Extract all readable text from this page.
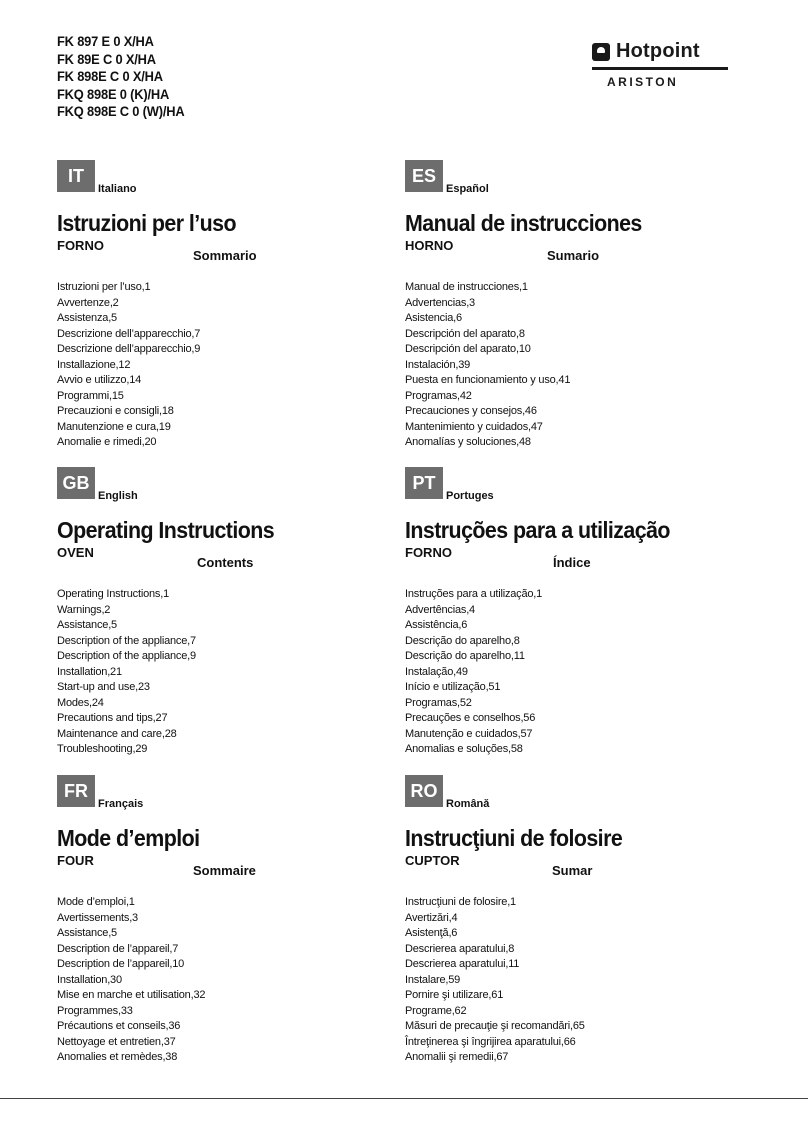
FK 897 E 0 X/HA
FK 89E C 0 X/HA
FK 898E C 0 X/HA
FKQ 898E 0 (K)/HA
FKQ 898E C 0 (W)/HA
Hotpoint
ARISTON
IT
Italiano
Istruzioni per l’uso
FORNO
Sommario
Istruzioni per l’uso,1
Avvertenze,2
Assistenza,5
Descrizione dell’apparecchio,7
Descrizione dell’apparecchio,9
Installazione,12
Avvio e utilizzo,14
Programmi,15
Precauzioni e consigli,18
Manutenzione e cura,19
Anomalie e rimedi,20
ES
Español
Manual de instrucciones
HORNO
Sumario
Manual de instrucciones,1
Advertencias,3
Asistencia,6
Descripción del aparato,8
Descripción del aparato,10
Instalación,39
Puesta en funcionamiento y uso,41
Programas,42
Precauciones y consejos,46
Mantenimiento y cuidados,47
Anomalías y soluciones,48
GB
English
Operating Instructions
OVEN
Contents
Operating Instructions,1
Warnings,2
Assistance,5
Description of the appliance,7
Description of the appliance,9
Installation,21
Start-up and use,23
Modes,24
Precautions and tips,27
Maintenance and care,28
Troubleshooting,29
PT
Portuges
Instruções para a utilização
FORNO
Índice
Instruções para a utilização,1
Advertências,4
Assistência,6
Descrição do aparelho,8
Descrição do aparelho,11
Instalação,49
Início e utilização,51
Programas,52
Precauções e conselhos,56
Manutenção e cuidados,57
Anomalias e soluções,58
FR
Français
Mode d’emploi
FOUR
Sommaire
Mode d’emploi,1
Avertissements,3
Assistance,5
Description de l’appareil,7
Description de l’appareil,10
Installation,30
Mise en marche et utilisation,32
Programmes,33
Précautions et conseils,36
Nettoyage et entretien,37
Anomalies et remèdes,38
RO
Română
Instrucţiuni de folosire
CUPTOR
Sumar
Instrucţiuni de folosire,1
Avertizări,4
Asistenţă,6
Descrierea aparatului,8
Descrierea aparatului,11
Instalare,59
Pornire şi utilizare,61
Programe,62
Măsuri de precauţie şi recomandări,65
Întreţinerea şi îngrijirea aparatului,66
Anomalii şi remedii,67
